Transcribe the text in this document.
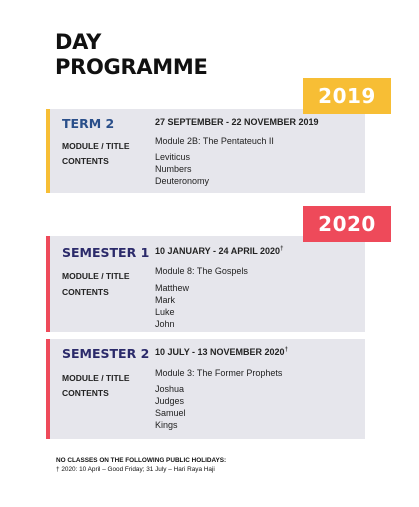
DAY
PROGRAMME
TERM 2	27 SEPTEMBER - 22 NOVEMBER 2019
MODULE / TITLE	Module 2B: The Pentateuch II
CONTENTS	Leviticus
Numbers
Deuteronomy
2019
SEMESTER 1 10 JANUARY - 24 APRIL 2020†
MODULE / TITLE	Module 8: The Gospels
CONTENTS	Matthew
Mark
Luke
John
2020
SEMESTER 2 10 JULY - 13 NOVEMBER 2020†
MODULE / TITLE	Module 3: The Former Prophets
CONTENTS	Joshua
Judges
Samuel
Kings
NO CLASSES ON THE FOLLOWING PUBLIC HOLIDAYS:
† 2020: 10 April – Good Friday; 31 July – Hari Raya Haji
